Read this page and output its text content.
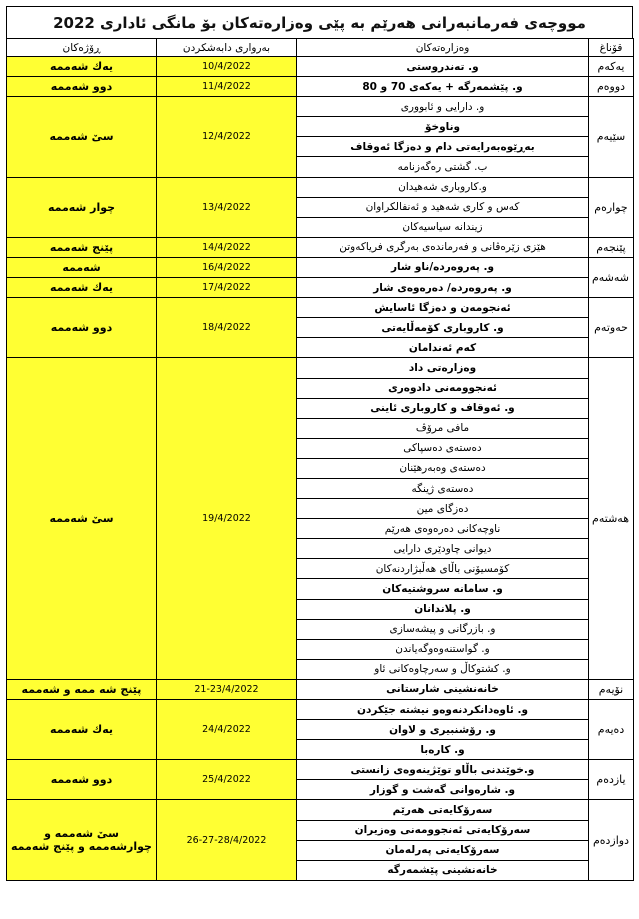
مووچەی فەرمانبەرانی هەرێم بە پێی وەزارەتەکان بۆ مانگی ئاداری 2022
قۆناغ	وەزارەتەکان	بەرواری دابەشکردن	ڕۆژەکان
یەکەم	و. تەندروستی	10/4/2022	یەك شەممە
دووەم	و. پێشمەرگە + یەکەی 70 و 80	11/4/2022	دوو شەممە
سێیەم	و. دارایی و ئابووری	12/4/2022	سێ شەممە
	وناوخۆ		
	بەڕێوەبەرایەتی دام و دەزگا ئەوقاف		
	ب. گشتی رەگەزنامە		
چوارەم	و.کاروباری شەهیدان	13/4/2022	چوار شەممە
	کەس و کاری شەهید و ئەنفالکراوان		
	زیندانە سیاسیەکان		
پێنجەم	هێزی زێرەڤانی و فەرماندەی بەرگری فریاکەوتن	14/4/2022	پێنج شەممە
شەشەم	و. پەروەردە/ناو شار	16/4/2022	شەممە
	و. پەروەردە/ دەرەوەی شار	17/4/2022	یەك شەممە
حەوتەم	ئەنجومەن و دەزگا ئاسایش	18/4/2022	دوو شەممە
	و. کاروباری کۆمەڵایەتی		
	کەم ئەندامان		
هەشتەم	وەزارەتی داد	19/4/2022	سێ شەممە
	ئەنجوومەنی دادوەری		
	و. ئەوقاف و کاروباری ئاینی		
	مافی مرۆڤ		
	دەستەی دەسپاکی		
	دەستەی وەبەرهێنان		
	دەستەی ژینگە		
	دەزگای مین		
	ناوچەکانی دەرەوەی هەرێم		
	دیوانی چاودێری دارایی		
	کۆمسیۆنی باڵای هەڵبژاردنەکان		
	و. سامانە سروشتیەکان		
	و. پلاندانان		
	و. بازرگانی و پیشەسازی		
	و. گواستنەوەوگەیاندن		
	و. کشتوکاڵ و سەرچاوەکانی ئاو		
نۆیەم	خانەنشینی شارستانی	21-23/4/2022	پێنج شە ممە و شەممە
دەیەم	و. ئاوەدانکردنەوەو نیشتە جێکردن	24/4/2022	یەك شەممە
	و. رۆشنبیری و لاوان		
	و. کارەبا		
یازدەم	و.خوێندنی باڵاو توێژینەوەی زانستی	25/4/2022	دوو شەممە
	و. شارەوانی گەشت و گوزار		
دوازدەم	سەرۆکایەتی هەرێم	26-27-28/4/2022	سێ شەممە و چوارشەممە و پێنج شەممە
	سەرۆکایەتی ئەنجوومەنی وەزیران		
	سەرۆکایەتی پەرلەمان		
	خانەنشینی پێشمەرگە		
